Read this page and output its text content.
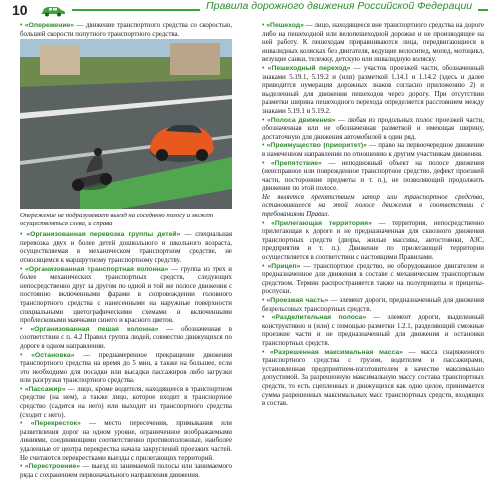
10	Правила дорожного движения Российской Федерации
• «Опережение» — движение транспортного средства со скоростью, большей скорости попутного транспортного средства.
Опережение не подразумевает выезд на соседнюю полосу и может осуществляться слева, и справа
• «Организованная перевозка группы детей» — специальная перевозка двух и более детей дошкольного и школьного возраста, осуществляемая в механическом транспортном средстве, не относящемся к маршрутному транспортному средству.
• «Организованная транспортная колонна» — группа из трех и более механических транспортных средств, следующих непосредственно друг за другом по одной и той же полосе движения с постоянно включенными фарами в сопровождении головного транспортного средства с нанесенными на наружные поверхности специальными цветографическими схемами и включенными проблесковыми маячками синего и красного цветов.
• «Организованная пешая колонна» — обозначенная в соответствии с п. 4.2 Правил группа людей, совместно движущихся по дороге в одном направлении.
• «Остановка» — преднамеренное прекращение движения транспортного средства на время до 5 мин, а также на большее, если это необходимо для посадки или высадки пассажиров либо загрузки или разгрузки транспортного средства.
• «Пассажир» — лицо, кроме водителя, находящееся в транспортном средстве (на нем), а также лицо, которое входит в транспортное средство (садится на него) или выходит из транспортного средства (сходит с него).
• «Перекресток» — место пересечения, примыкания или разветвления дорог на одном уровне, ограниченное воображаемыми линиями, соединяющими соответственно противоположные, наиболее удаленные от центра перекрестка начала закруглений проезжих частей. Не считаются перекрестками выезды с прилегающих территорий.
• «Перестроение» — выезд из занимаемой полосы или занимаемого ряда с сохранением первоначального направления движения.
• «Пешеход» — лицо, находящееся вне транспортного средства на дороге либо на пешеходной или велопешеходной дорожке и не производящее на ней работу. К пешеходам приравниваются лица, передвигающиеся в инвалидных колясках без двигателя, ведущие велосипед, мопед, мотоцикл, везущие санки, тележку, детскую или инвалидную коляску.
• «Пешеходный переход» — участок проезжей части, обозначенный знаками 5.19.1, 5.19.2 и (или) разметкой 1.14.1 и 1.14.2 (здесь и далее приводится нумерация дорожных знаков согласно приложению 2) и выделенный для движения пешеходов через дорогу. При отсутствии разметки ширина пешеходного перехода определяется расстоянием между знаками 5.19.1 и 5.19.2.
• «Полоса движения» — любая из продольных полос проезжей части, обозначенная или не обозначенная разметкой и имеющая ширину, достаточную для движения автомобилей в один ряд.
• «Преимущество (приоритет)» — право на первоочередное движение в намеченном направлении по отношению к другим участникам движения.
• «Препятствие» — неподвижный объект на полосе движения (неисправное или поврежденное транспортное средство, дефект проезжей части, посторонние предметы и т. п.), не позволяющий продолжить движение по этой полосе.
Не является препятствием затор или транспортное средство, остановившееся на этой полосе движения в соответствии с требованиями Правил.
• «Прилегающая территория» — территория, непосредственно прилегающая к дороге и не предназначенная для сквозного движения транспортных средств (дворы, жилые массивы, автостоянки, АЗС, предприятия и т. п.). Движение по прилегающей территории осуществляется в соответствии с настоящими Правилами.
• «Прицеп» — транспортное средство, не оборудованное двигателем и предназначенное для движения в составе с механическим транспортным средством. Термин распространяется также на полуприцепы и прицепы-роспуски.
• «Проезжая часть» — элемент дороги, предназначенный для движения безрельсовых транспортных средств.
• «Разделительная полоса» — элемент дороги, выделенный конструктивно и (или) с помощью разметки 1.2.1, разделяющий смежные проезжие части и не предназначенный для движения и остановки транспортных средств.
• «Разрешенная максимальная масса» — масса снаряженного транспортного средства с грузом, водителем и пассажирами, установленная предприятием-изготовителем в качестве максимально допустимой. За разрешенную максимальную массу состава транспортных средств, то есть сцепленных и движущихся как одно целое, принимается сумма разрешенных максимальных масс транспортных средств, входящих в состав.
